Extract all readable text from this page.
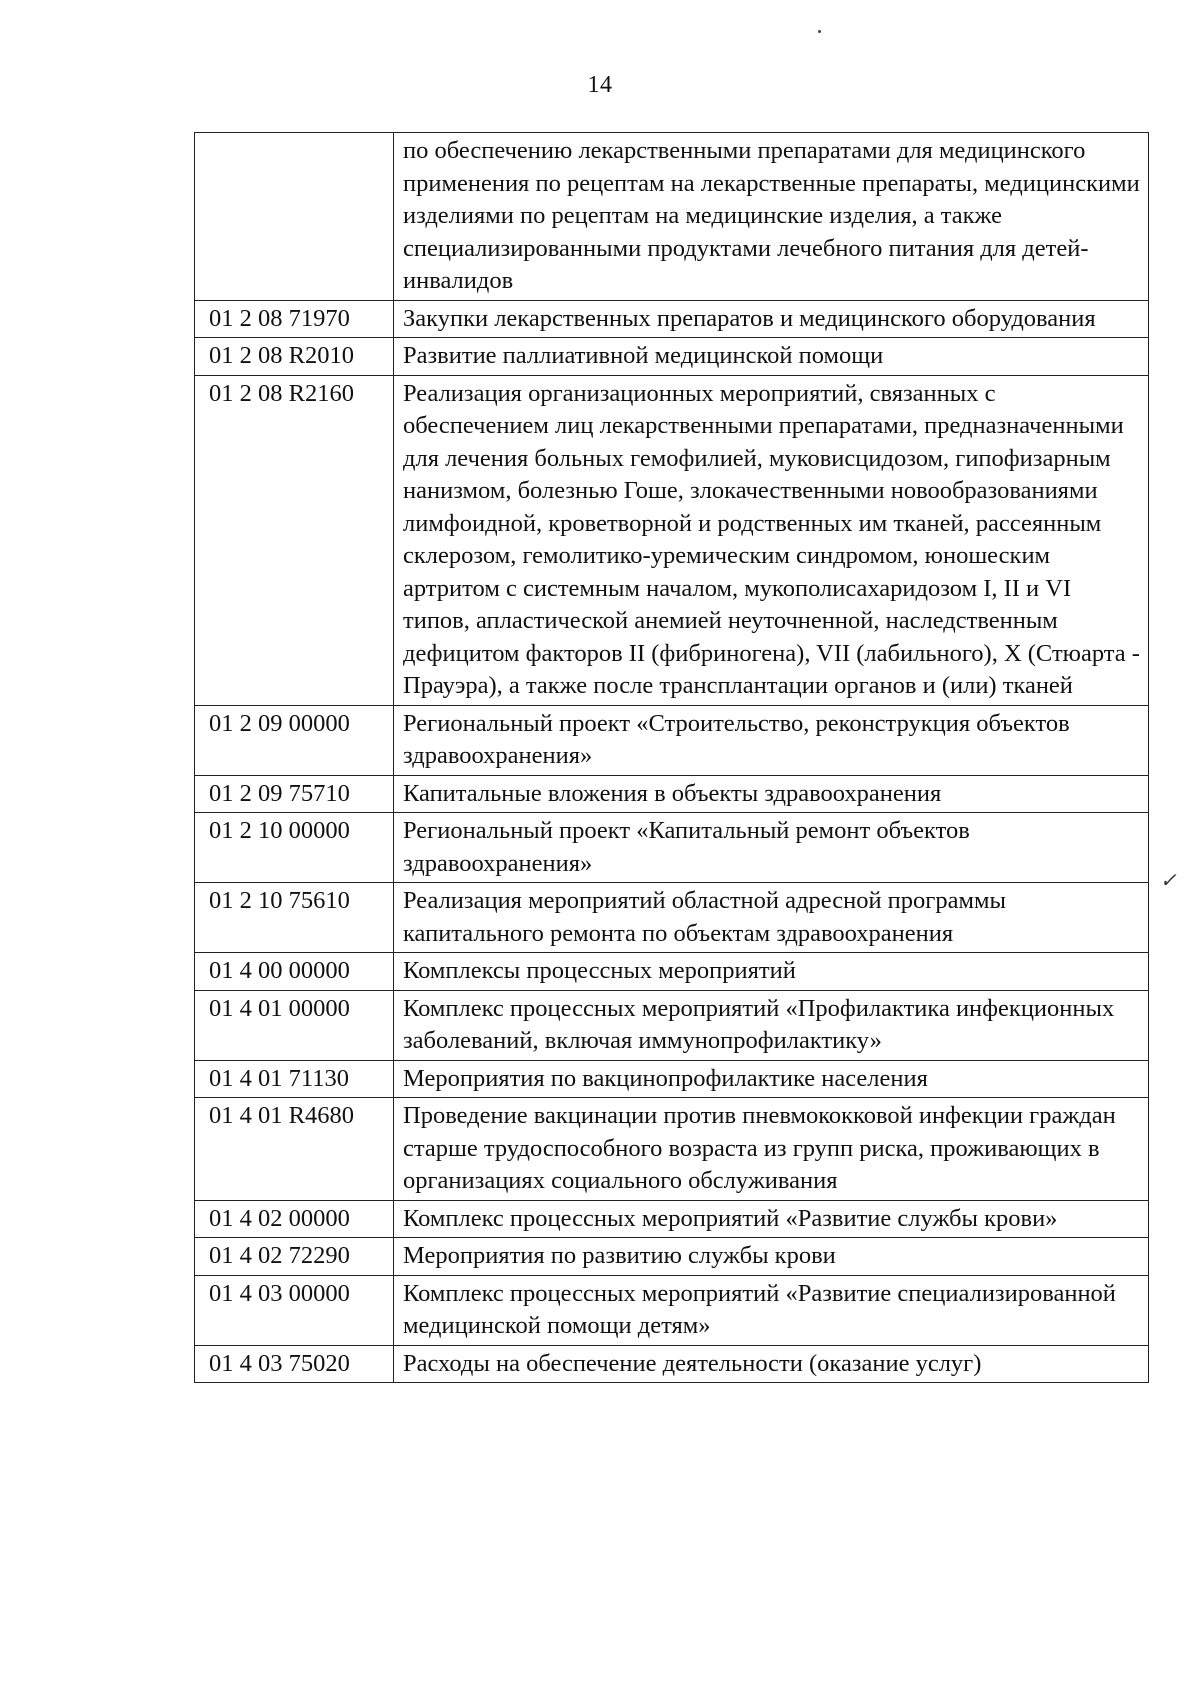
14
	по обеспечению лекарственными препаратами для медицинского применения по рецептам на лекарственные препараты, медицинскими изделиями по рецептам на медицинские изделия, а также специализированными продуктами лечебного питания для детей-инвалидов
01 2 08 71970	Закупки лекарственных препаратов и медицинского оборудования
01 2 08 R2010	Развитие паллиативной медицинской помощи
01 2 08 R2160	Реализация организационных мероприятий, связанных с обеспечением лиц лекарственными препаратами, предназначенными для лечения больных гемофилией, муковисцидозом, гипофизарным нанизмом, болезнью Гоше, злокачественными новообразованиями лимфоидной, кроветворной и родственных им тканей, рассеянным склерозом, гемолитико-уремическим синдромом, юношеским артритом с системным началом, мукополисахаридозом I, II и VI типов, апластической анемией неуточненной, наследственным дефицитом факторов II (фибриногена), VII (лабильного), X (Стюарта - Прауэра), а также после трансплантации органов и (или) тканей
01 2 09 00000	Региональный проект «Строительство, реконструкция объектов здравоохранения»
01 2 09 75710	Капитальные вложения в объекты здравоохранения
01 2 10 00000	Региональный проект «Капитальный ремонт объектов здравоохранения»
01 2 10 75610	Реализация мероприятий областной адресной программы капитального ремонта по объектам здравоохранения
01 4 00 00000	Комплексы процессных мероприятий
01 4 01 00000	Комплекс процессных мероприятий «Профилактика инфекционных заболеваний, включая иммунопрофилактику»
01 4 01 71130	Мероприятия по вакцинопрофилактике населения
01 4 01 R4680	Проведение вакцинации против пневмококковой инфекции граждан старше трудоспособного возраста из групп риска, проживающих в организациях социального обслуживания
01 4 02 00000	Комплекс процессных мероприятий «Развитие службы крови»
01 4 02 72290	Мероприятия по развитию службы крови
01 4 03 00000	Комплекс процессных мероприятий «Развитие специализированной медицинской помощи детям»
01 4 03 75020	Расходы на обеспечение деятельности (оказание услуг)
✓
